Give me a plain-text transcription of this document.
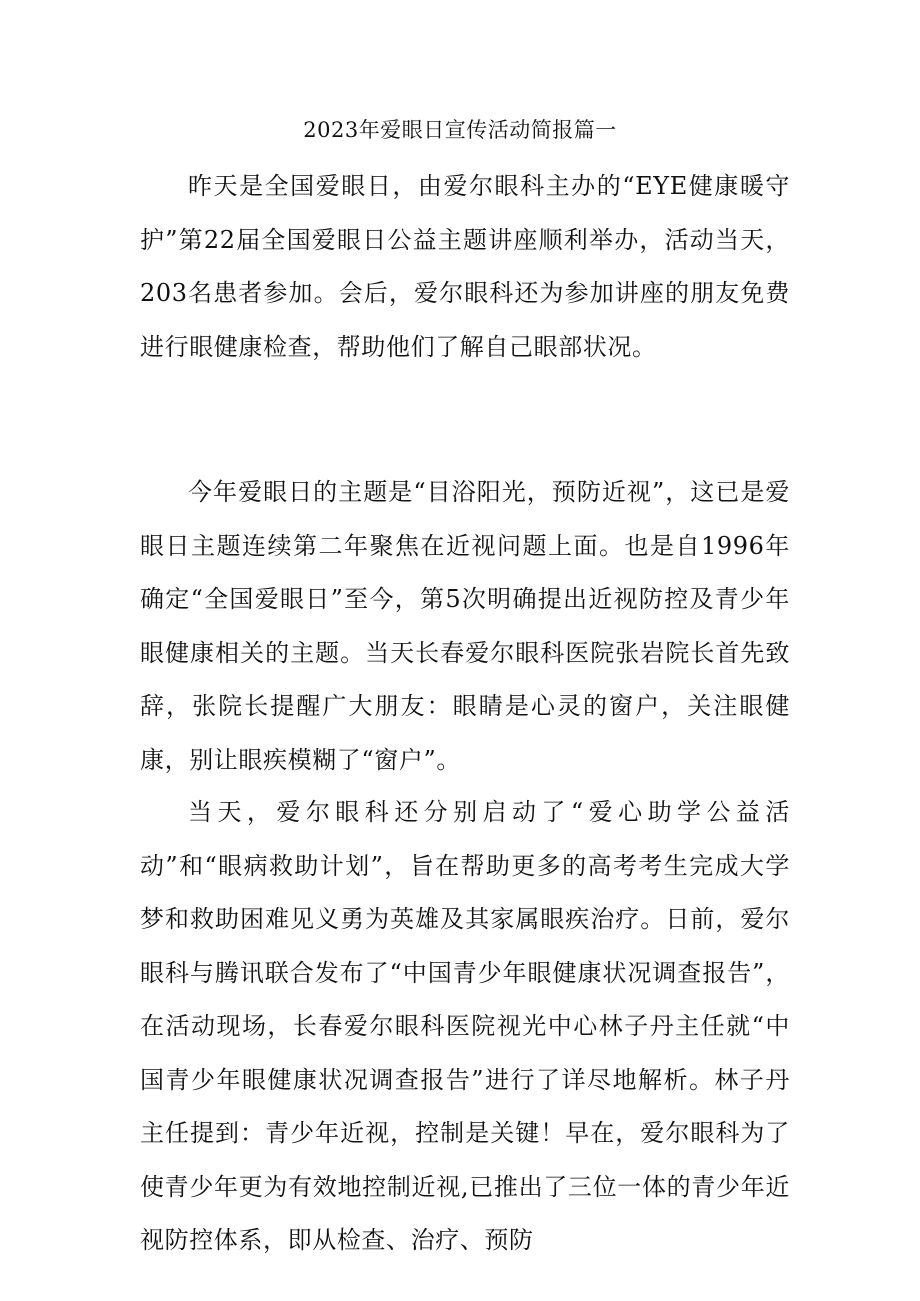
2023年爱眼日宣传活动简报篇一

昨天是全国爱眼日，由爱尔眼科主办的“EYE健康暖守护”第22届全国爱眼日公益主题讲座顺利举办，活动当天，203名患者参加。会后，爱尔眼科还为参加讲座的朋友免费进行眼健康检查，帮助他们了解自己眼部状况。

今年爱眼日的主题是“目浴阳光，预防近视”，这已是爱眼日主题连续第二年聚焦在近视问题上面。也是自1996年确定“全国爱眼日”至今，第5次明确提出近视防控及青少年眼健康相关的主题。当天长春爱尔眼科医院张岩院长首先致辞，张院长提醒广大朋友：眼睛是心灵的窗户，关注眼健康，别让眼疾模糊了“窗户”。

当天，爱尔眼科还分别启动了“爱心助学公益活动”和“眼病救助计划”，旨在帮助更多的高考考生完成大学梦和救助困难见义勇为英雄及其家属眼疾治疗。日前，爱尔眼科与腾讯联合发布了“中国青少年眼健康状况调查报告”，在活动现场，长春爱尔眼科医院视光中心林子丹主任就“中国青少年眼健康状况调查报告”进行了详尽地解析。林子丹主任提到：青少年近视，控制是关键！早在，爱尔眼科为了使青少年更为有效地控制近视,已推出了三位一体的青少年近视防控体系，即从检查、治疗、预防
